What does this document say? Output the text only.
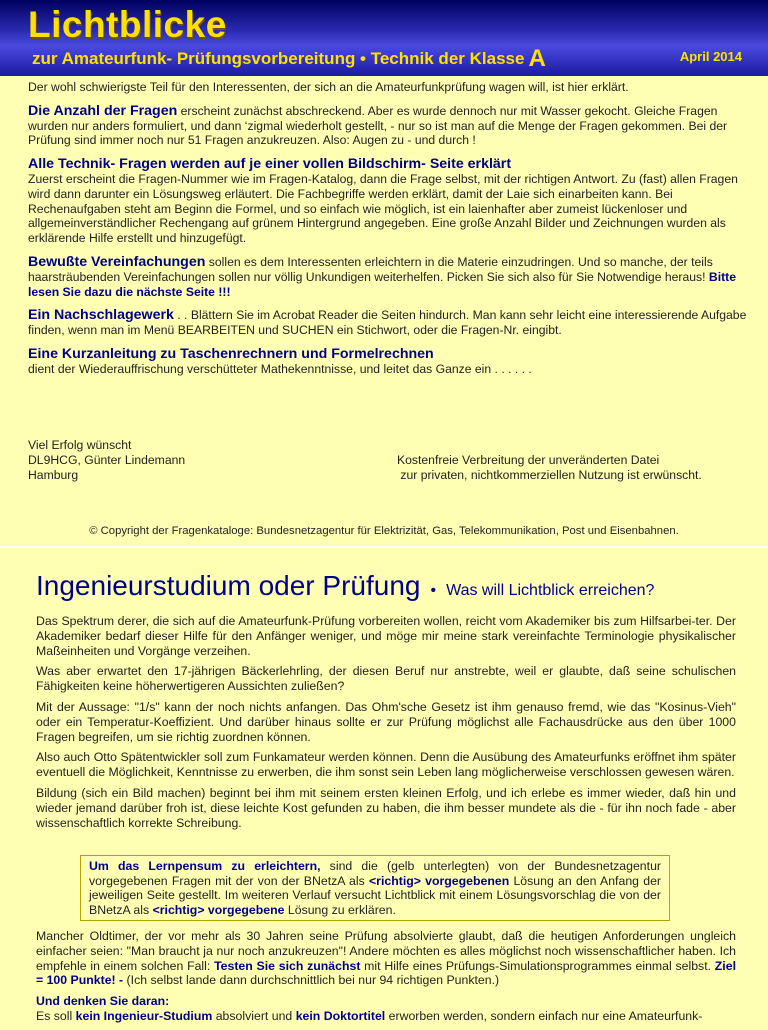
Lichtblicke
zur Amateurfunk- Prüfungsvorbereitung • Technik der Klasse A	April 2014

Der wohl schwierigste Teil für den Interessenten, der sich an die Amateurfunkprüfung wagen will, ist hier erklärt.

Die Anzahl der Fragen erscheint zunächst abschreckend. Aber es wurde dennoch nur mit Wasser gekocht. Gleiche Fragen wurden nur anders formuliert, und dann ‘zigmal wiederholt gestellt, - nur so ist man auf die Menge der Fragen gekommen. Bei der Prüfung sind immer noch nur 51 Fragen anzukreuzen. Also: Augen zu - und durch !

Alle Technik- Fragen werden auf je einer vollen Bildschirm- Seite erklärt
Zuerst erscheint die Fragen-Nummer wie im Fragen-Katalog, dann die Frage selbst, mit der richtigen Antwort. Zu (fast) allen Fragen wird dann darunter ein Lösungsweg erläutert. Die Fachbegriffe werden erklärt, damit der Laie sich einarbeiten kann. Bei Rechenaufgaben steht am Beginn die Formel, und so einfach wie möglich, ist ein laienhafter aber zumeist lückenloser und allgemeinverständlicher Rechengang auf grünem Hintergrund angegeben. Eine große Anzahl Bilder und Zeichnungen wurden als erklärende Hilfe erstellt und hinzugefügt.

Bewußte Vereinfachungen sollen es dem Interessenten erleichtern in die Materie einzudringen. Und so manche, der teils haarsträubenden Vereinfachungen sollen nur völlig Unkundigen weiterhelfen. Picken Sie sich also für Sie Notwendige heraus! Bitte lesen Sie dazu die nächste Seite !!!

Ein Nachschlagewerk . . Blättern Sie im Acrobat Reader die Seiten hindurch. Man kann sehr leicht eine interessierende Aufgabe finden, wenn man im Menü BEARBEITEN und SUCHEN ein Stichwort, oder die Fragen-Nr. eingibt.

Eine Kurzanleitung zu Taschenrechnern und Formelrechnen
dient der Wiederauffrischung verschütteter Mathekenntnisse, und leitet das Ganze ein . . . . . .

Viel Erfolg wünscht
DL9HCG, Günter Lindemann
Hamburg
Kostenfreie Verbreitung der unveränderten Datei
zur privaten, nichtkommerziellen Nutzung ist erwünscht.
© Copyright der Fragenkataloge: Bundesnetzagentur für Elektrizität, Gas, Telekommunikation, Post und Eisenbahnen.
Ingenieurstudium oder Prüfung • Was will Lichtblick erreichen?

Das Spektrum derer, die sich auf die Amateurfunk-Prüfung vorbereiten wollen, reicht vom Akademiker bis zum Hilfsarbei-ter. Der Akademiker bedarf dieser Hilfe für den Anfänger weniger, und möge mir meine stark vereinfachte Terminologie physikalischer Maßeinheiten und Vorgänge verzeihen.

Was aber erwartet den 17-jährigen Bäckerlehrling, der diesen Beruf nur anstrebte, weil er glaubte, daß seine schulischen Fähigkeiten keine höherwertigeren Aussichten zuließen?

Mit der Aussage: "1/s" kann der noch nichts anfangen. Das Ohm'sche Gesetz ist ihm genauso fremd, wie das "Kosinus-Vieh" oder ein Temperatur-Koeffizient. Und darüber hinaus sollte er zur Prüfung möglichst alle Fachausdrücke aus den über 1000 Fragen begreifen, um sie richtig zuordnen können.

Also auch Otto Spätentwickler soll zum Funkamateur werden können. Denn die Ausübung des Amateurfunks eröffnet ihm später eventuell die Möglichkeit, Kenntnisse zu erwerben, die ihm sonst sein Leben lang möglicherweise verschlossen gewesen wären.

Bildung (sich ein Bild machen) beginnt bei ihm mit seinem ersten kleinen Erfolg, und ich erlebe es immer wieder, daß hin und wieder jemand darüber froh ist, diese leichte Kost gefunden zu haben, die ihm besser mundete als die - für ihn noch fade - aber wissenschaftlich korrekte Schreibung.

Um das Lernpensum zu erleichtern, sind die (gelb unterlegten) von der Bundesnetzagentur vorgegebenen Fragen mit der von der BNetzA als <richtig> vorgegebenen Lösung an den Anfang der jeweiligen Seite gestellt. Im weiteren Verlauf versucht Lichtblick mit einem Lösungsvorschlag die von der BNetzA als <richtig> vorgegebene Lösung zu erklären.

Mancher Oldtimer, der vor mehr als 30 Jahren seine Prüfung absolvierte glaubt, daß die heutigen Anforderungen ungleich einfacher seien: "Man braucht ja nur noch anzukreuzen"! Andere möchten es alles möglichst noch wissenschaftlicher haben. Ich empfehle in einem solchen Fall: Testen Sie sich zunächst mit Hilfe eines Prüfungs-Simulationsprogrammes einmal selbst. Ziel = 100 Punkte! - (Ich selbst lande dann durchschnittlich bei nur 94 richtigen Punkten.)

Und denken Sie daran:

Es soll kein Ingenieur-Studium absolviert und kein Doktortitel erworben werden, sondern einfach nur eine Amateurfunk-
